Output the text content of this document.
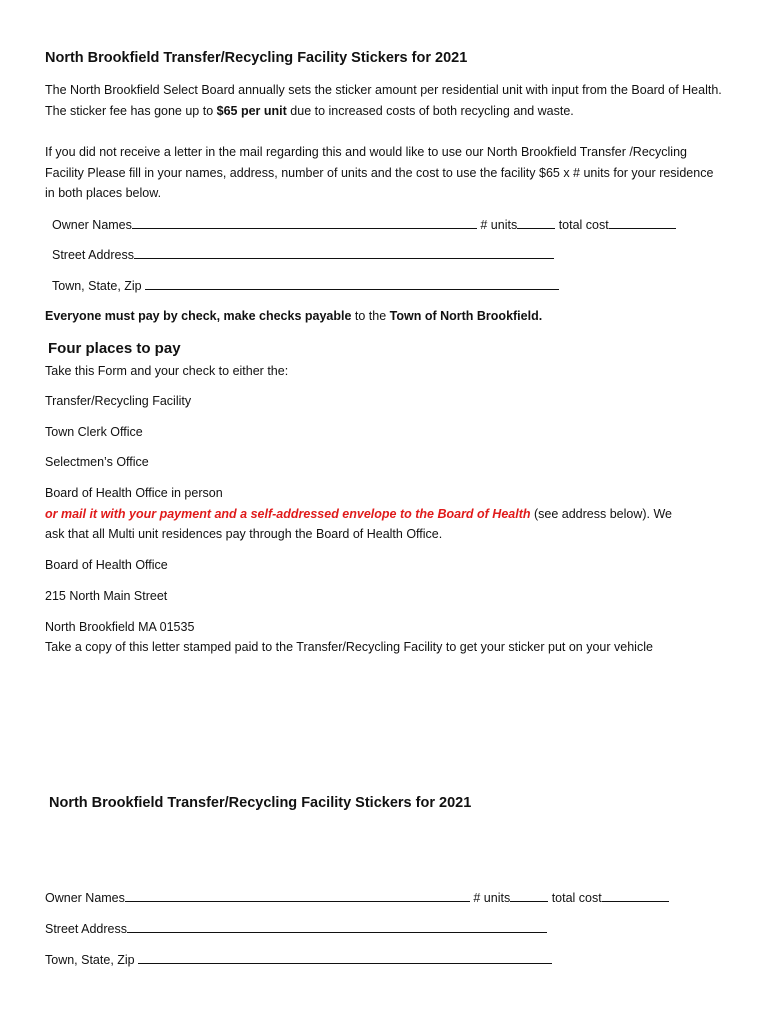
North Brookfield Transfer/Recycling Facility Stickers for 2021
The North Brookfield Select Board annually sets the sticker amount per residential unit with input from the Board of Health. The sticker fee has gone up to $65 per unit due to increased costs of both recycling and waste.
If you did not receive a letter in the mail regarding this and would like to use our North Brookfield Transfer /Recycling Facility Please fill in your names, address, number of units and the cost to use the facility $65 x # units for your residence in both places below.
Owner Names	# units	total cost
Street Address
Town, State, Zip
Everyone must pay by check, make checks payable to the Town of North Brookfield.
Four places to pay
Take this Form and your check to either the:
Transfer/Recycling Facility
Town Clerk Office
Selectmen’s Office
Board of Health Office in person
or mail it with your payment and a self-addressed envelope to the Board of Health (see address below). We
ask that all Multi unit residences pay through the Board of Health Office.
Board of Health Office
215 North Main Street
North Brookfield MA 01535
Take a copy of this letter stamped paid to the Transfer/Recycling Facility to get your sticker put on your vehicle
North Brookfield Transfer/Recycling Facility Stickers for 2021
Owner Names	# units	total cost
Street Address
Town, State, Zip
